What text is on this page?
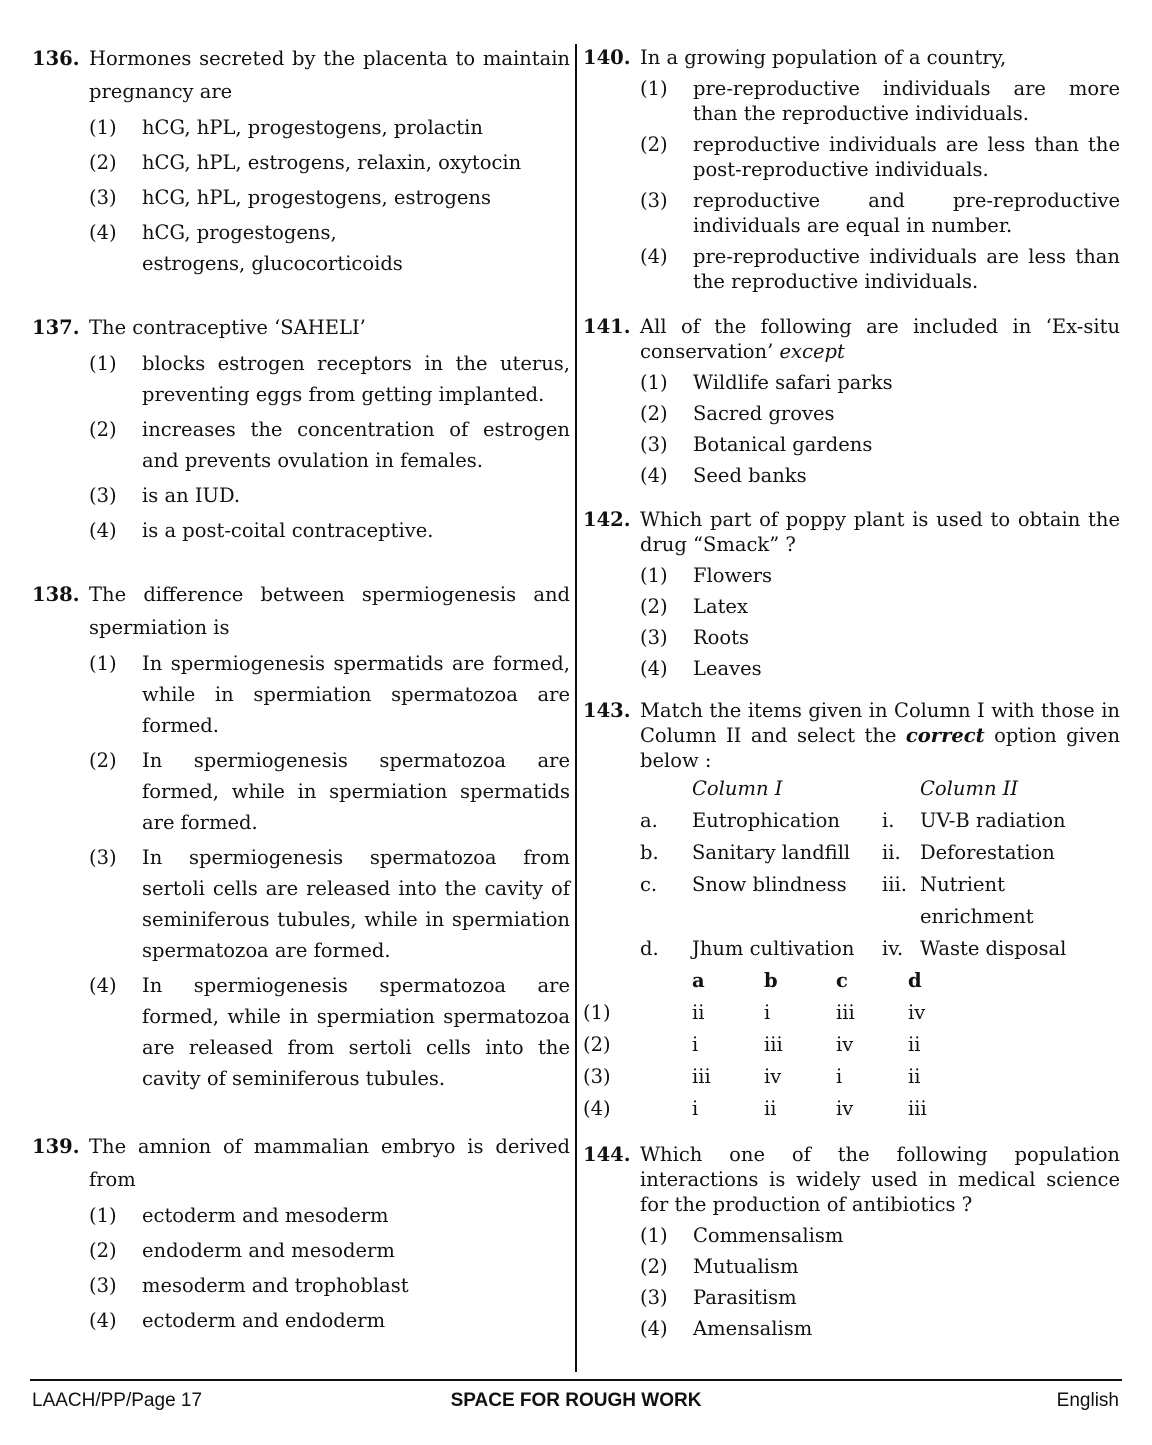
136. Hormones secreted by the placenta to maintain pregnancy are
(1)	hCG, hPL, progestogens, prolactin
(2)	hCG, hPL, estrogens, relaxin, oxytocin
(3)	hCG, hPL, progestogens, estrogens
(4)	hCG, progestogens, estrogens, glucocorticoids
137. The contraceptive ‘SAHELI’
(1)	blocks estrogen receptors in the uterus, preventing eggs from getting implanted.
(2)	increases the concentration of estrogen and prevents ovulation in females.
(3)	is an IUD.
(4)	is a post-coital contraceptive.
138. The difference between spermiogenesis and spermiation is
(1)	In spermiogenesis spermatids are formed, while in spermiation spermatozoa are formed.
(2)	In spermiogenesis spermatozoa are formed, while in spermiation spermatids are formed.
(3)	In spermiogenesis spermatozoa from sertoli cells are released into the cavity of seminiferous tubules, while in spermiation spermatozoa are formed.
(4)	In spermiogenesis spermatozoa are formed, while in spermiation spermatozoa are released from sertoli cells into the cavity of seminiferous tubules.
139. The amnion of mammalian embryo is derived from
(1)	ectoderm and mesoderm
(2)	endoderm and mesoderm
(3)	mesoderm and trophoblast
(4)	ectoderm and endoderm
140. In a growing population of a country,
(1)	pre-reproductive individuals are more than the reproductive individuals.
(2)	reproductive individuals are less than the post-reproductive individuals.
(3)	reproductive and pre-reproductive individuals are equal in number.
(4)	pre-reproductive individuals are less than the reproductive individuals.
141. All of the following are included in ‘Ex-situ conservation’ except
(1)	Wildlife safari parks
(2)	Sacred groves
(3)	Botanical gardens
(4)	Seed banks
142. Which part of poppy plant is used to obtain the drug “Smack” ?
(1)	Flowers
(2)	Latex
(3)	Roots
(4)	Leaves
143. Match the items given in Column I with those in Column II and select the correct option given below :
Column I	Column II
a.	Eutrophication	i.	UV-B radiation
b.	Sanitary landfill	ii. Deforestation
c.	Snow blindness	iii. Nutrient enrichment
d.	Jhum cultivation	iv. Waste disposal
a	b	c	d
(1)	ii	i	iii	iv
(2)	i	iii	iv	ii
(3)	iii	iv	i	ii
(4)	i	ii	iv	iii
144. Which one of the following population interactions is widely used in medical science for the production of antibiotics ?
(1)	Commensalism
(2)	Mutualism
(3)	Parasitism
(4)	Amensalism
LAACH/PP/Page 17	SPACE FOR ROUGH WORK	English
